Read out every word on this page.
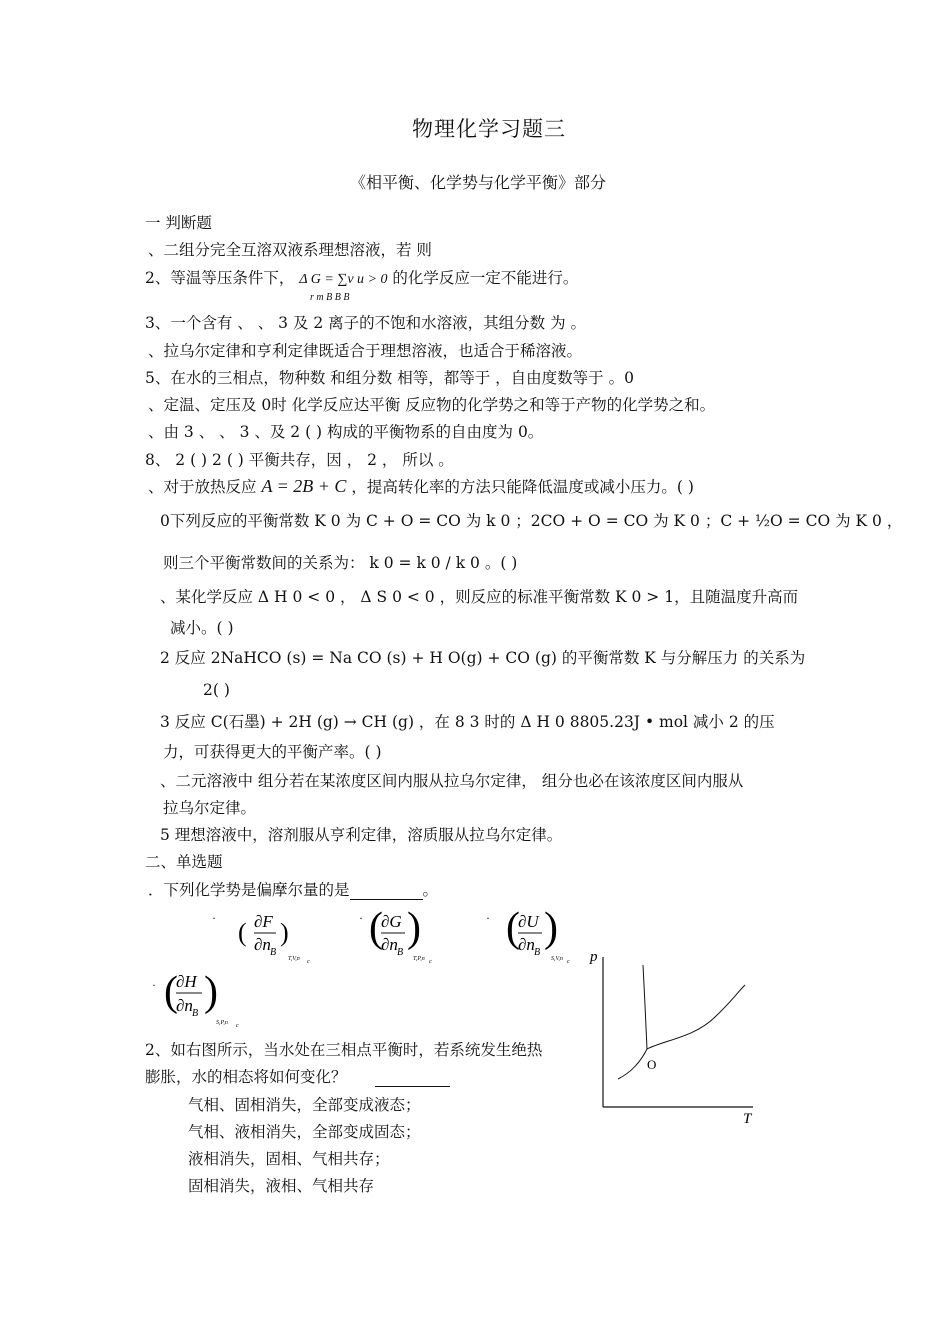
物理化学习题三
《相平衡、化学势与化学平衡》部分
一 判断题
、二组分完全互溶双液系理想溶液，若 则
2、等温等压条件下， Δ G = ∑ν u > 0 的化学反应一定不能进行。
r m B B B
3、一个含有 、 、 3 及 2 离子的不饱和水溶液，其组分数 为 。
、拉乌尔定律和亨利定律既适合于理想溶液，也适合于稀溶液。
5、在水的三相点，物种数 和组分数 相等，都等于 ，自由度数等于 。0
、定温、定压及 0时 化学反应达平衡 反应物的化学势之和等于产物的化学势之和。
、由 3 、 、 3 、及 2 ( ) 构成的平衡物系的自由度为 0。
8、 2 ( ) 2 ( ) 平衡共存，因 ， 2 ， 所以 。
、对于放热反应 A = 2B + C ，提高转化率的方法只能降低温度或减小压力。( )
0下列反应的平衡常数 K 0 为 C + O = CO 为 k 0 ；2CO + O = CO 为 K 0 ；C + ½O = CO 为 K 0 ，
则三个平衡常数间的关系为： k 0 = k 0 / k 0 。( )
、某化学反应 Δ H 0 < 0 ， Δ S 0 < 0 ，则反应的标准平衡常数 K 0 > 1，且随温度升高而
减小。( )
2 反应 2NaHCO (s) = Na CO (s) + H O(g) + CO (g) 的平衡常数 K 与分解压力 的关系为
2( )
3 反应 C(石墨) + 2H (g) → CH (g) ，在 8 3 时的 Δ H 0 8805.23J • mol 减小 2 的压
力，可获得更大的平衡产率。( )
、二元溶液中 组分若在某浓度区间内服从拉乌尔定律， 组分也必在该浓度区间内服从
拉乌尔定律。
5 理想溶液中，溶剂服从亨利定律，溶质服从拉乌尔定律。
二、单选题
．下列化学势是偏摩尔量的是	。
· ( ∂F
∂n B
)
T,V,n c
· (
∂G
∂n B
)
T,P,n c
· (
∂U
∂n B
)
S,V,n c
· (
∂H
∂n B )
S,P,n c
2、如右图所示，当水处在三相点平衡时，若系统发生绝热
膨胀，水的相态将如何变化？
气相、固相消失，全部变成液态；
气相、液相消失，全部变成固态；
液相消失，固相、气相共存；
固相消失，液相、气相共存
p
T
O
